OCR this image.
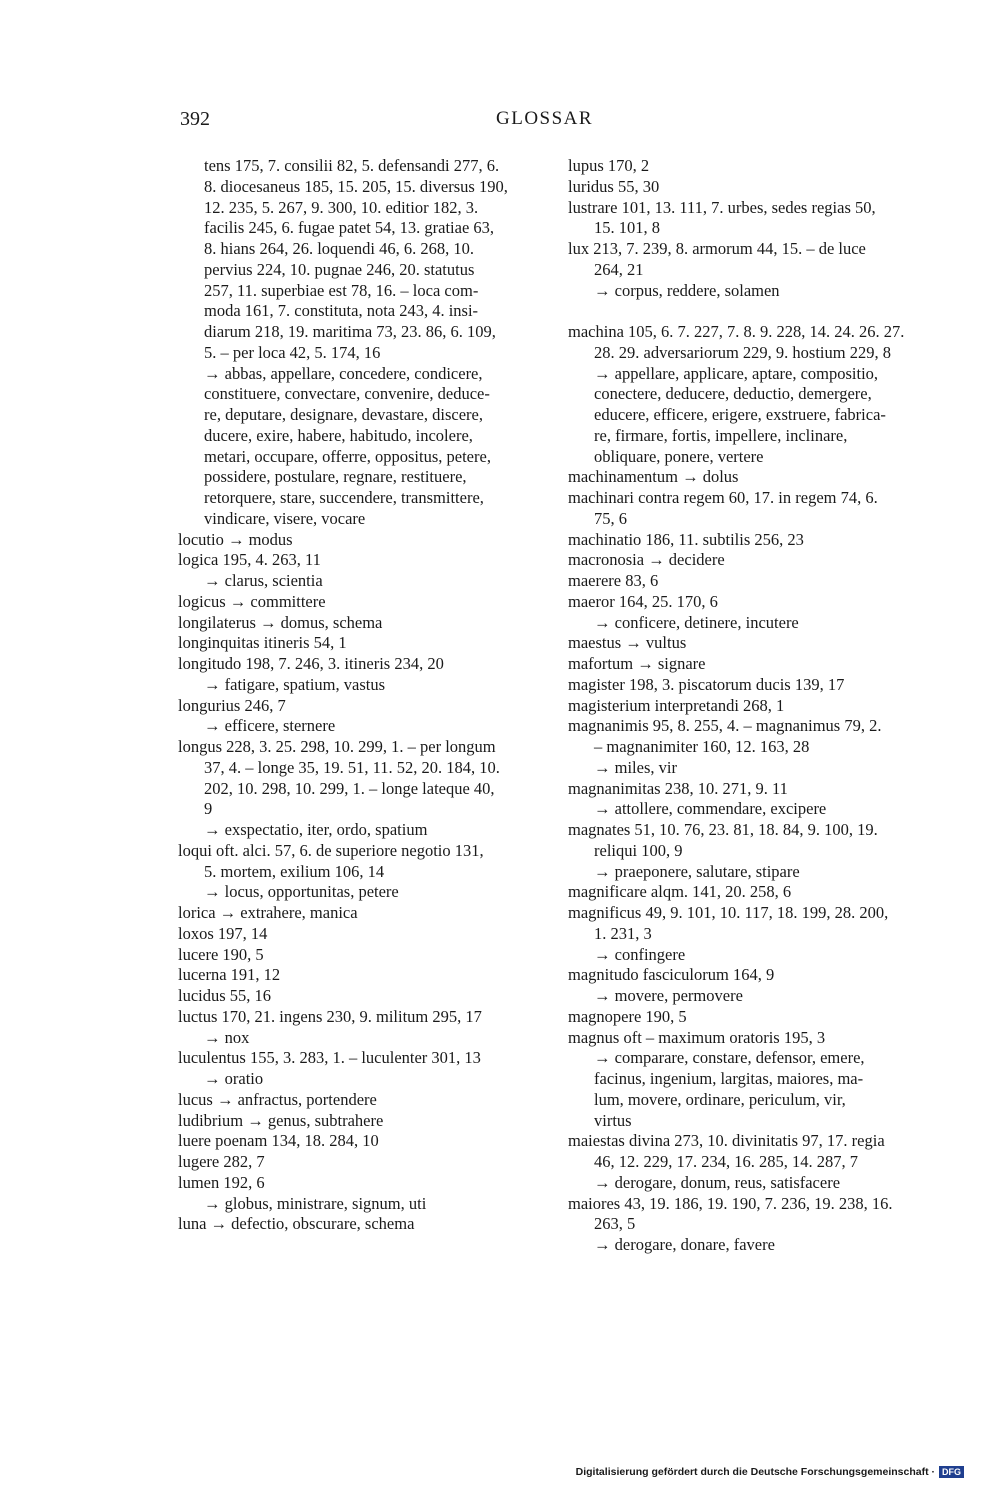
392	GLOSSAR
tens 175, 7. consilii 82, 5. defensandi 277, 6.
8. diocesaneus 185, 15. 205, 15. diversus 190,
12. 235, 5. 267, 9. 300, 10. editior 182, 3.
facilis 245, 6. fugae patet 54, 13. gratiae 63,
8. hians 264, 26. loquendi 46, 6. 268, 10.
pervius 224, 10. pugnae 246, 20. statutus
257, 11. superbiae est 78, 16. – loca com-
moda 161, 7. constituta, nota 243, 4. insi-
diarum 218, 19. maritima 73, 23. 86, 6. 109,
5. – per loca 42, 5. 174, 16
→ abbas, appellare, concedere, condicere,
constituere, convectare, convenire, deduce-
re, deputare, designare, devastare, discere,
ducere, exire, habere, habitudo, incolere,
metari, occupare, offerre, oppositus, petere,
possidere, postulare, regnare, restituere,
retorquere, stare, succendere, transmittere,
vindicare, visere, vocare
locutio → modus
logica 195, 4. 263, 11
→ clarus, scientia
logicus → committere
longilaterus → domus, schema
longinquitas itineris 54, 1
longitudo 198, 7. 246, 3. itineris 234, 20
→ fatigare, spatium, vastus
longurius 246, 7
→ efficere, sternere
longus 228, 3. 25. 298, 10. 299, 1. – per longum
37, 4. – longe 35, 19. 51, 11. 52, 20. 184, 10.
202, 10. 298, 10. 299, 1. – longe lateque 40,
9
→ exspectatio, iter, ordo, spatium
loqui oft. alci. 57, 6. de superiore negotio 131,
5. mortem, exilium 106, 14
→ locus, opportunitas, petere
lorica → extrahere, manica
loxos 197, 14
lucere 190, 5
lucerna 191, 12
lucidus 55, 16
luctus 170, 21. ingens 230, 9. militum 295, 17
→ nox
luculentus 155, 3. 283, 1. – luculenter 301, 13
→ oratio
lucus → anfractus, portendere
ludibrium → genus, subtrahere
luere poenam 134, 18. 284, 10
lugere 282, 7
lumen 192, 6
→ globus, ministrare, signum, uti
luna → defectio, obscurare, schema
lupus 170, 2
luridus 55, 30
lustrare 101, 13. 111, 7. urbes, sedes regias 50,
15. 101, 8
lux 213, 7. 239, 8. armorum 44, 15. – de luce
264, 21
→ corpus, reddere, solamen
machina 105, 6. 7. 227, 7. 8. 9. 228, 14. 24. 26. 27.
28. 29. adversariorum 229, 9. hostium 229, 8
→ appellare, applicare, aptare, compositio,
conectere, deducere, deductio, demergere,
educere, efficere, erigere, exstruere, fabrica-
re, firmare, fortis, impellere, inclinare,
obliquare, ponere, vertere
machinamentum → dolus
machinari contra regem 60, 17. in regem 74, 6.
75, 6
machinatio 186, 11. subtilis 256, 23
macronosia → decidere
maerere 83, 6
maeror 164, 25. 170, 6
→ conficere, detinere, incutere
maestus → vultus
mafortum → signare
magister 198, 3. piscatorum ducis 139, 17
magisterium interpretandi 268, 1
magnanimis 95, 8. 255, 4. – magnanimus 79, 2.
– magnanimiter 160, 12. 163, 28
→ miles, vir
magnanimitas 238, 10. 271, 9. 11
→ attollere, commendare, excipere
magnates 51, 10. 76, 23. 81, 18. 84, 9. 100, 19.
reliqui 100, 9
→ praeponere, salutare, stipare
magnificare alqm. 141, 20. 258, 6
magnificus 49, 9. 101, 10. 117, 18. 199, 28. 200,
1. 231, 3
→ confingere
magnitudo fasciculorum 164, 9
→ movere, permovere
magnopere 190, 5
magnus oft – maximum oratoris 195, 3
→ comparare, constare, defensor, emere,
facinus, ingenium, largitas, maiores, ma-
lum, movere, ordinare, periculum, vir,
virtus
maiestas divina 273, 10. divinitatis 97, 17. regia
46, 12. 229, 17. 234, 16. 285, 14. 287, 7
→ derogare, donum, reus, satisfacere
maiores 43, 19. 186, 19. 190, 7. 236, 19. 238, 16.
263, 5
→ derogare, donare, favere
Digitalisierung gefördert durch die Deutsche Forschungsgemeinschaft · DFG
